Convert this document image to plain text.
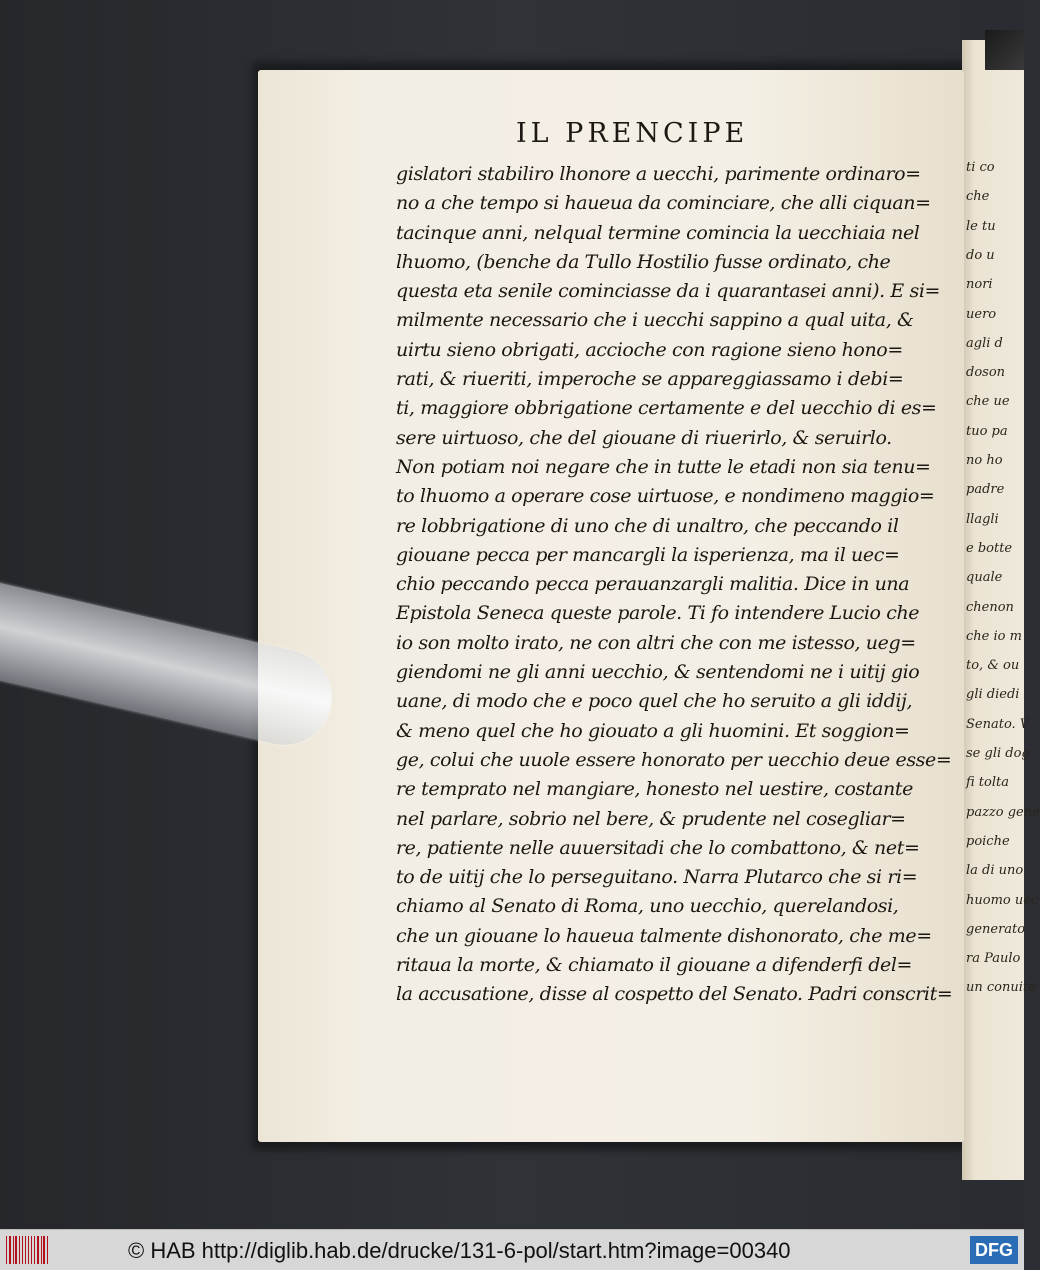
ti co
che
le tu
do u
nori
uero
agli d
doson
che ue
tuo pa
no ho
padre
llagli
e botte
quale
chenon
che io m
to, & ou
gli diedi
Senato. V
se gli dog
fi tolta
pazzo gene
poiche
la di uno
huomo uec
generato
ra Paulo
un conuite
IL PRENCIPE
gislatori stabiliro lhonore a uecchi, parimente ordinaro=
no a che tempo si haueua da cominciare, che alli ciquan=
tacinque anni, nelqual termine comincia la uecchiaia nel
lhuomo, (benche da Tullo Hostilio fusse ordinato, che
questa eta senile cominciasse da i quarantasei anni). E si=
milmente necessario che i uecchi sappino a qual uita, &
uirtu sieno obrigati, accioche con ragione sieno hono=
rati, & riueriti, imperoche se appareggiassamo i debi=
ti, maggiore obbrigatione certamente e del uecchio di es=
sere uirtuoso, che del giouane di riuerirlo, & seruirlo.
Non potiam noi negare che in tutte le etadi non sia tenu=
to lhuomo a operare cose uirtuose, e nondimeno maggio=
re lobbrigatione di uno che di unaltro, che peccando il
giouane pecca per mancargli la isperienza, ma il uec=
chio peccando pecca perauanzargli malitia. Dice in una
Epistola Seneca queste parole. Ti fo intendere Lucio che
io son molto irato, ne con altri che con me istesso, ueg=
giendomi ne gli anni uecchio, & sentendomi ne i uitij gio
uane, di modo che e poco quel che ho seruito a gli iddij,
& meno quel che ho giouato a gli huomini. Et soggion=
ge, colui che uuole essere honorato per uecchio deue esse=
re temprato nel mangiare, honesto nel uestire, costante
nel parlare, sobrio nel bere, & prudente nel cosegliar=
re, patiente nelle auuersitadi che lo combattono, & net=
to de uitij che lo perseguitano. Narra Plutarco che si ri=
chiamo al Senato di Roma, uno uecchio, querelandosi,
che un giouane lo haueua talmente dishonorato, che me=
ritaua la morte, & chiamato il giouane a difenderfi del=
la accusatione, disse al cospetto del Senato. Padri conscrit=
© HAB http://diglib.hab.de/drucke/131-6-pol/start.htm?image=00340	DFG
